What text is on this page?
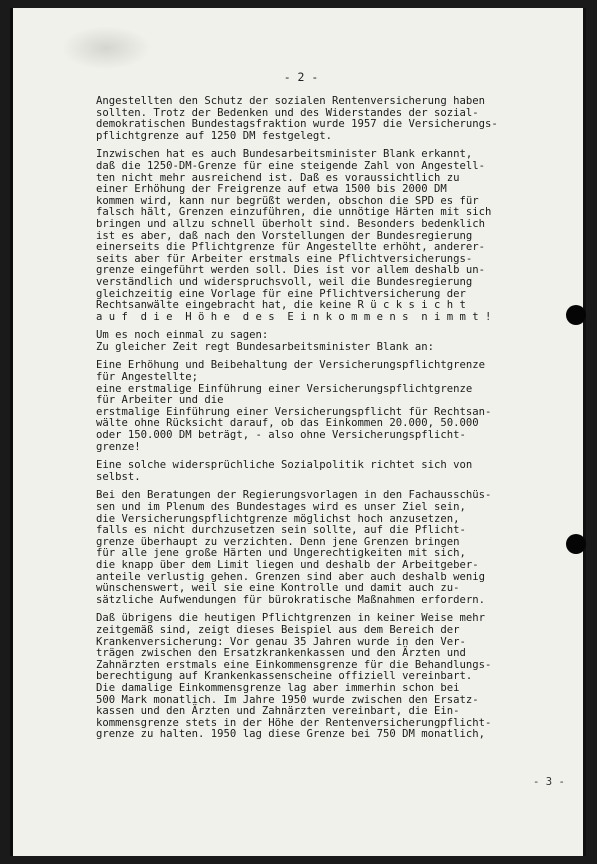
- 2 -
Angestellten den Schutz der sozialen Rentenversicherung haben
sollten. Trotz der Bedenken und des Widerstandes der sozial-
demokratischen Bundestagsfraktion wurde 1957 die Versicherungs-
pflichtgrenze auf 1250 DM festgelegt.
Inzwischen hat es auch Bundesarbeitsminister Blank erkannt,
daß die 1250-DM-Grenze für eine steigende Zahl von Angestell-
ten nicht mehr ausreichend ist. Daß es voraussichtlich zu
einer Erhöhung der Freigrenze auf etwa 1500 bis 2000 DM
kommen wird, kann nur begrüßt werden, obschon die SPD es für
falsch hält, Grenzen einzuführen, die unnötige Härten mit sich
bringen und allzu schnell überholt sind. Besonders bedenklich
ist es aber, daß nach den Vorstellungen der Bundesregierung
einerseits die Pflichtgrenze für Angestellte erhöht, anderer-
seits aber für Arbeiter erstmals eine Pflichtversicherungs-
grenze eingeführt werden soll. Dies ist vor allem deshalb un-
verständlich und widerspruchsvoll, weil die Bundesregierung
gleichzeitig eine Vorlage für eine Pflichtversicherung der
Rechtsanwälte eingebracht hat, die keine R ü c k s i c h t
a u f  d i e  H ö h e  d e s  E i n k o m m e n s  n i m m t !
Um es noch einmal zu sagen:
Zu gleicher Zeit regt Bundesarbeitsminister Blank an:
Eine Erhöhung und Beibehaltung der Versicherungspflichtgrenze
für Angestellte;
eine erstmalige Einführung einer Versicherungspflichtgrenze
für Arbeiter und die
erstmalige Einführung einer Versicherungspflicht für Rechtsan-
wälte ohne Rücksicht darauf, ob das Einkommen 20.000, 50.000
oder 150.000 DM beträgt, - also ohne Versicherungspflicht-
grenze!
Eine solche widersprüchliche Sozialpolitik richtet sich von
selbst.
Bei den Beratungen der Regierungsvorlagen in den Fachausschüs-
sen und im Plenum des Bundestages wird es unser Ziel sein,
die Versicherungspflichtgrenze möglichst hoch anzusetzen,
falls es nicht durchzusetzen sein sollte, auf die Pflicht-
grenze überhaupt zu verzichten. Denn jene Grenzen bringen
für alle jene große Härten und Ungerechtigkeiten mit sich,
die knapp über dem Limit liegen und deshalb der Arbeitgeber-
anteile verlustig gehen. Grenzen sind aber auch deshalb wenig
wünschenswert, weil sie eine Kontrolle und damit auch zu-
sätzliche Aufwendungen für bürokratische Maßnahmen erfordern.
Daß übrigens die heutigen Pflichtgrenzen in keiner Weise mehr
zeitgemäß sind, zeigt dieses Beispiel aus dem Bereich der
Krankenversicherung: Vor genau 35 Jahren wurde in den Ver-
trägen zwischen den Ersatzkrankenkassen und den Ärzten und
Zahnärzten erstmals eine Einkommensgrenze für die Behandlungs-
berechtigung auf Krankenkassenscheine offiziell vereinbart.
Die damalige Einkommensgrenze lag aber immerhin schon bei
500 Mark monatlich. Im Jahre 1950 wurde zwischen den Ersatz-
kassen und den Ärzten und Zahnärzten vereinbart, die Ein-
kommensgrenze stets in der Höhe der Rentenversicherungpflicht-
grenze zu halten. 1950 lag diese Grenze bei 750 DM monatlich,
- 3 -
